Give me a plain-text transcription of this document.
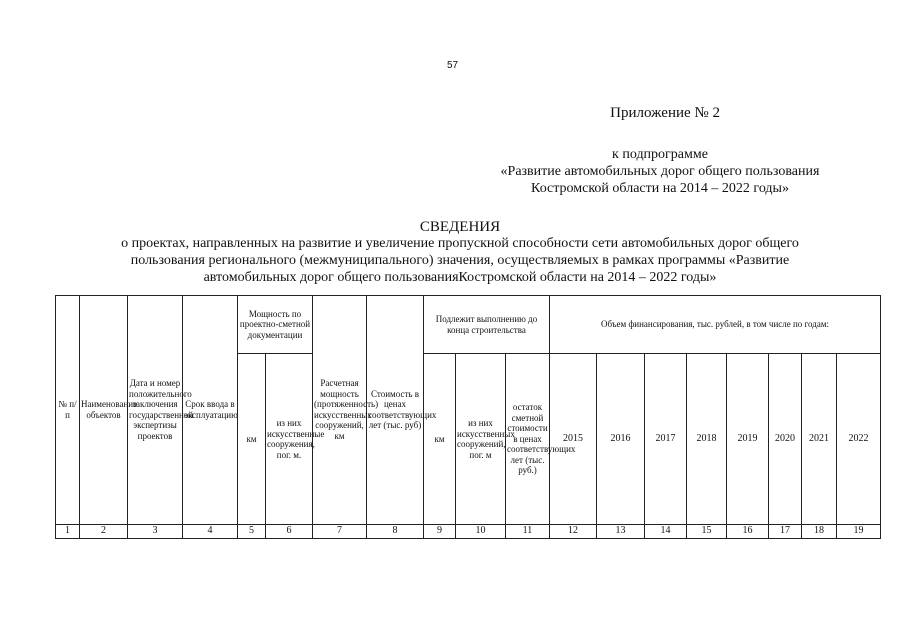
57
Приложение № 2
к подпрограмме
«Развитие автомобильных дорог общего пользования
Костромской области на 2014 – 2022 годы»
СВЕДЕНИЯ
о проектах, направленных на развитие и увеличение пропускной способности сети автомобильных дорог общего
пользования регионального (межмуниципального) значения, осуществляемых в рамках программы «Развитие
автомобильных дорог общего пользованияКостромской области на 2014 – 2022 годы»
№ п/п	Наименование объектов	Дата и номер положительного заключения государственной экспертизы проектов	Срок ввода в эксплуатацию	Мощность по проектно-сметной документации		Расчетная мощность (протяженность) искусственных сооружений, км	Стоимость в ценах соответствующих лет (тыс. руб)	Подлежит выполнению до конца строительства			Объем финансирования, тыс. рублей, в том числе по годам:							
				км	из них искусственные сооружения, пог. м.			км	из них искусственных сооружений, пог. м	остаток сметной стоимости в ценах соответствующих лет (тыс. руб.)	2015	2016	2017	2018	2019	2020	2021	2022
1	2	3	4	5	6	7	8	9	10	11	12	13	14	15	16	17	18	19
